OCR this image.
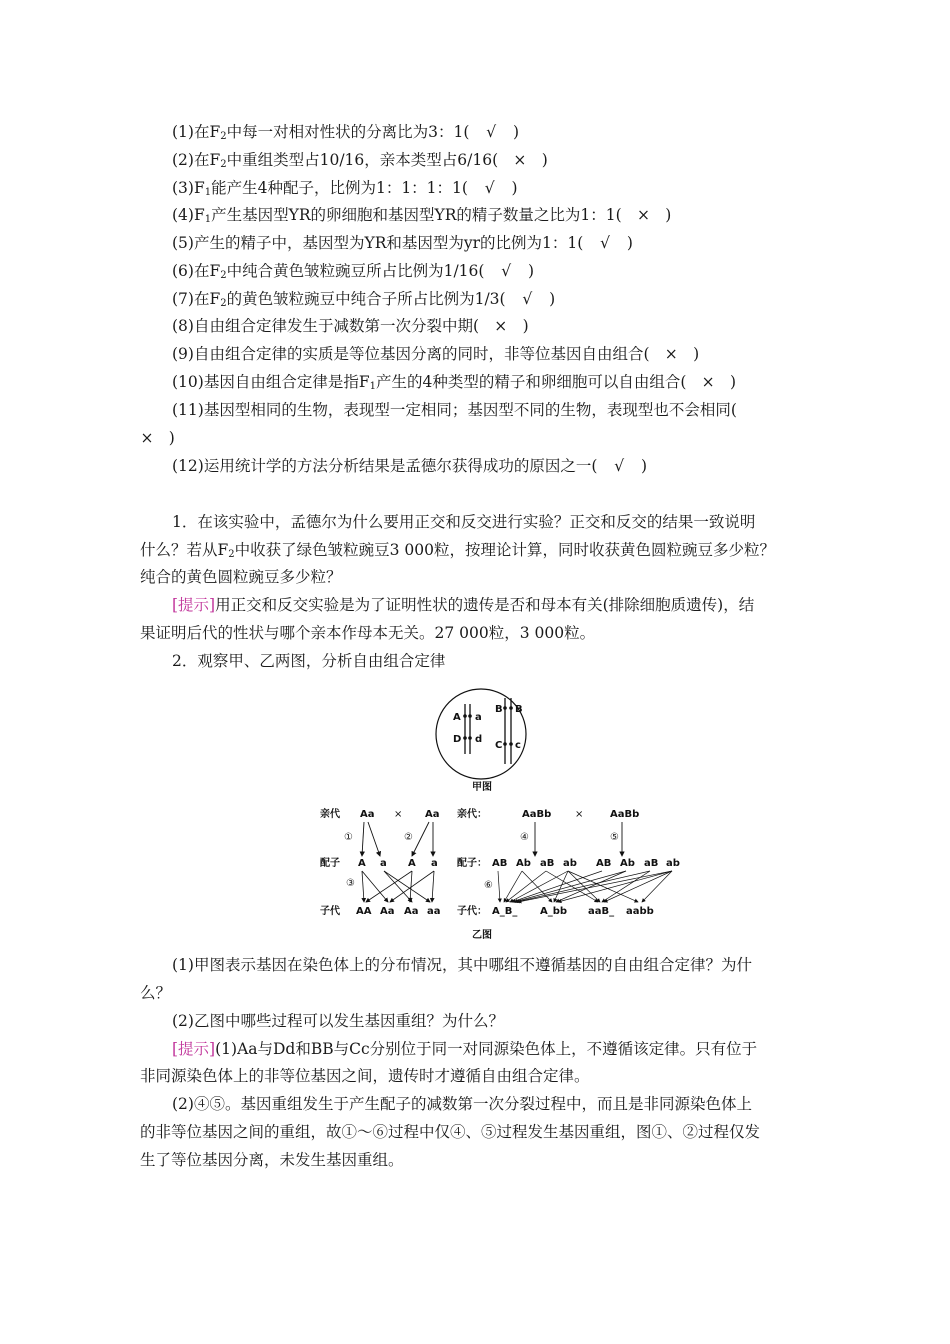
(1)在$F_2$中每一对相对性状的分离比为3：1( √ )
(2)在$F_2$中重组类型占10/16，亲本类型占6/16( × )
$(3)F_1$能产生4种配子，比例为1：1：1：1( √ )
$(4)F_1$产生基因型YR的卵细胞和基因型YR的精子数量之比为1：1( × )
(5)产生的精子中，基因型为YR和基因型为yr的比例为1：1( √ )
(6)在$F_2$中纯合黄色皱粒豌豆所占比例为1/16( √ )
(7)在$F_2$的黄色皱粒豌豆中纯合子所占比例为1/3( √ )
(8)自由组合定律发生于减数第一次分裂中期( × )
(9)自由组合定律的实质是等位基因分离的同时，非等位基因自由组合( × )
(10)基因自由组合定律是指$F_1$产生的4种类型的精子和卵细胞可以自由组合( × )
(11)基因型相同的生物，表现型一定相同；基因型不同的生物，表现型也不会相同(
× )
(12)运用统计学的方法分析结果是孟德尔获得成功的原因之一( √ )
1．在该实验中，孟德尔为什么要用正交和反交进行实验？正交和反交的结果一致说明
什么？若从$F_2$中收获了绿色皱粒豌豆3 000粒，按理论计算，同时收获黄色圆粒豌豆多少粒？
纯合的黄色圆粒豌豆多少粒？
[提示]用正交和反交实验是为了证明性状的遗传是否和母本有关(排除细胞质遗传)，结
果证明后代的性状与哪个亲本作母本无关。27 000粒，3 000粒。
2．观察甲、乙两图，分析自由组合定律
A a
D d
B B
C c
甲图
亲代 Aa × Aa
①	②
配子 A a A a
③
子代 AA Aa Aa aa
亲代：	AaBb ×	AaBb
④	⑤
配子： AB Ab aB ab AB Ab aB ab
⑥
子代： A_B_ A_bb aaB_ aabb
乙图
(1)甲图表示基因在染色体上的分布情况，其中哪组不遵循基因的自由组合定律？为什
么？
(2)乙图中哪些过程可以发生基因重组？为什么？
[提示](1)Aa与Dd和BB与Cc分别位于同一对同源染色体上，不遵循该定律。只有位于
非同源染色体上的非等位基因之间，遗传时才遵循自由组合定律。
(2)④⑤。基因重组发生于产生配子的减数第一次分裂过程中，而且是非同源染色体上
的非等位基因之间的重组，故①～⑥过程中仅④、⑤过程发生基因重组，图①、②过程仅发
生了等位基因分离，未发生基因重组。
